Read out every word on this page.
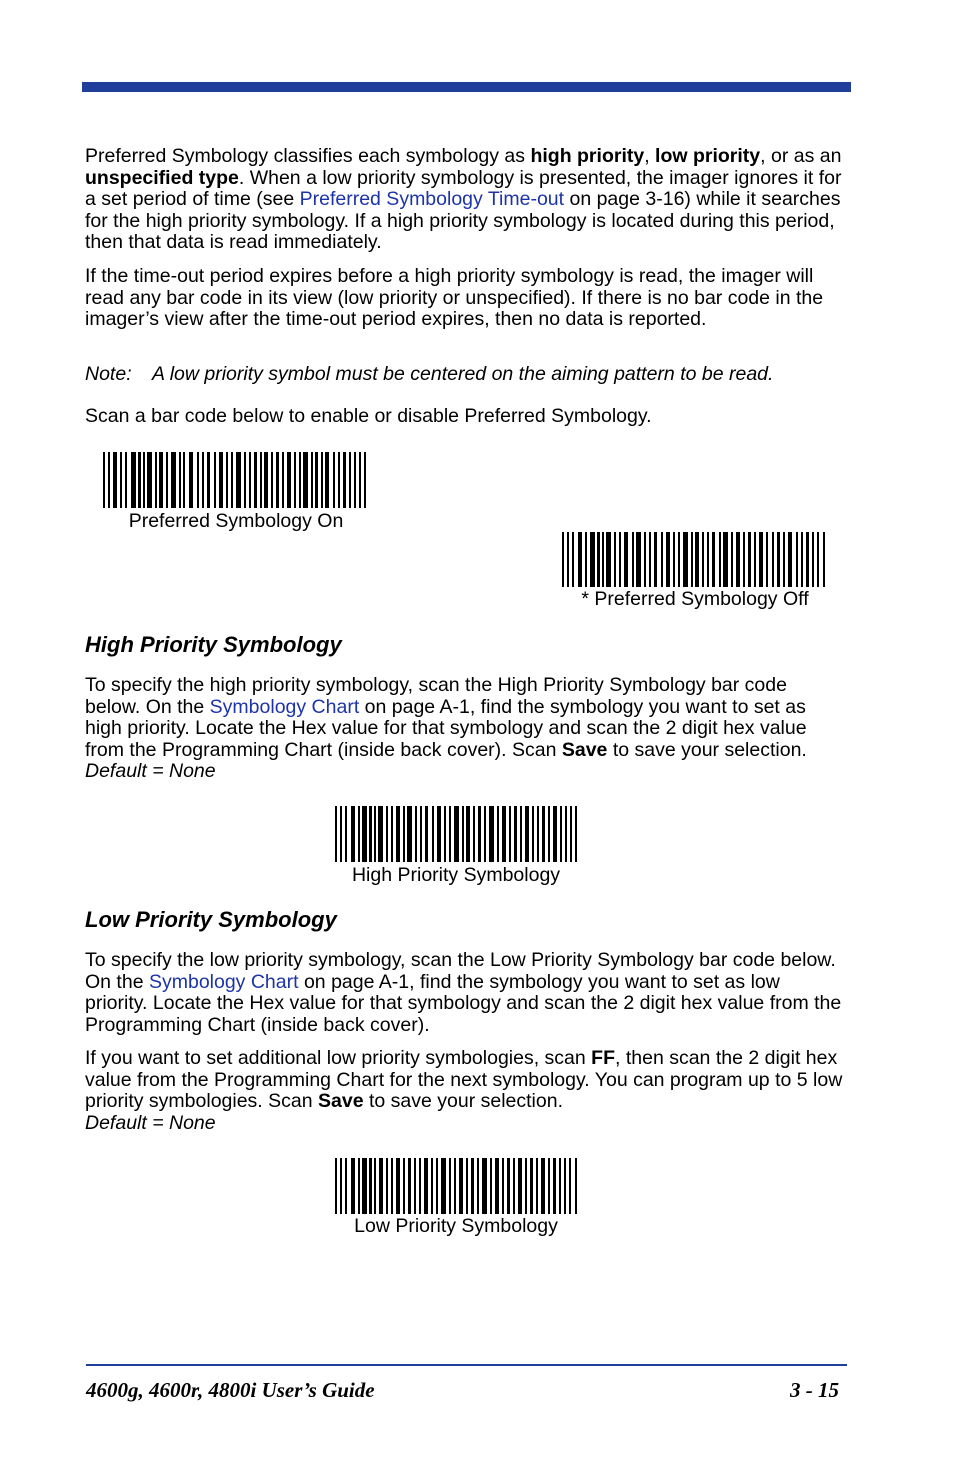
Preferred Symbology classifies each symbology as high priority, low priority, or as an unspecified type. When a low priority symbology is presented, the imager ignores it for a set period of time (see Preferred Symbology Time-out on page 3-16) while it searches for the high priority symbology. If a high priority symbology is located during this period, then that data is read immediately.

If the time-out period expires before a high priority symbology is read, the imager will read any bar code in its view (low priority or unspecified). If there is no bar code in the imager’s view after the time-out period expires, then no data is reported.

Note: A low priority symbol must be centered on the aiming pattern to be read.

Scan a bar code below to enable or disable Preferred Symbology.

Preferred Symbology On
* Preferred Symbology Off
High Priority Symbology

To specify the high priority symbology, scan the High Priority Symbology bar code below. On the Symbology Chart on page A-1, find the symbology you want to set as high priority. Locate the Hex value for that symbology and scan the 2 digit hex value from the Programming Chart (inside back cover). Scan Save to save your selection. Default = None

High Priority Symbology
Low Priority Symbology

To specify the low priority symbology, scan the Low Priority Symbology bar code below. On the Symbology Chart on page A-1, find the symbology you want to set as low priority. Locate the Hex value for that symbology and scan the 2 digit hex value from the Programming Chart (inside back cover).

If you want to set additional low priority symbologies, scan FF, then scan the 2 digit hex value from the Programming Chart for the next symbology. You can program up to 5 low priority symbologies. Scan Save to save your selection.
Default = None

Low Priority Symbology
4600g, 4600r, 4800i User’s Guide	3 - 15
